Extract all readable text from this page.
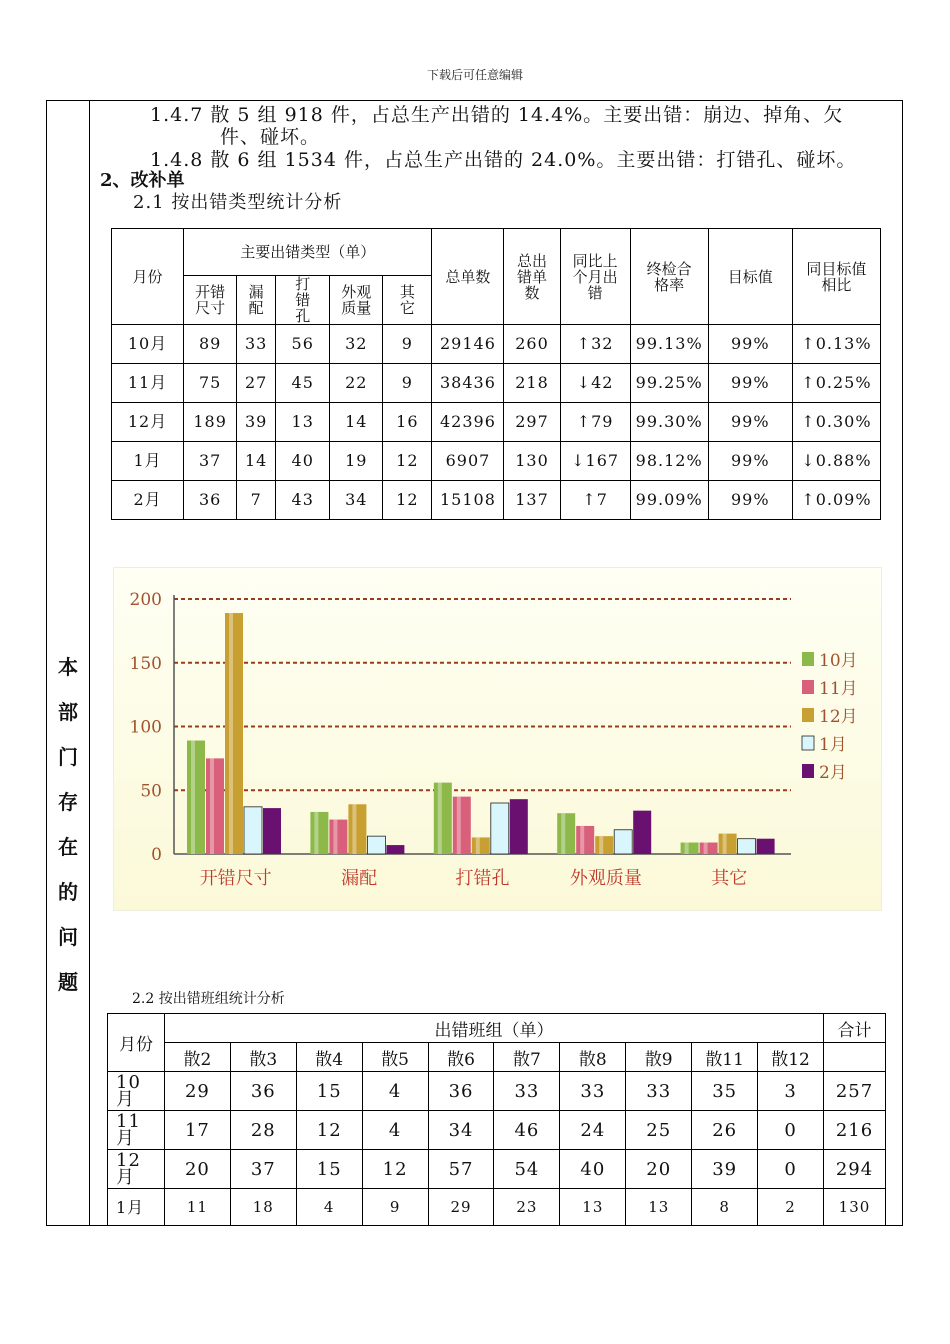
下载后可任意编辑
本
部
门
存
在
的
问
题
1.4.7 散 5 组 918 件，占总生产出错的 14.4%。主要出错：崩边、掉角、欠
件、碰坏。
1.4.8 散 6 组 1534 件，占总生产出错的 24.0%。主要出错：打错孔、碰坏。
2、改补单
2.1 按出错类型统计分析
月份	主要出错类型（单）					总单数	总出错单数	同比上个月出错	终检合格率	目标值	同目标值相比
	开错尺寸	漏配	打错孔	外观质量	其它						
10月	89	33	56	32	9	29146	260	↑32	99.13%	99%	↑0.13%
11月	75	27	45	22	9	38436	218	↓42	99.25%	99%	↑0.25%
12月	189	39	13	14	16	42396	297	↑79	99.30%	99%	↑0.30%
1月	37	14	40	19	12	6907	130	↓167	98.12%	99%	↓0.88%
2月	36	7	43	34	12	15108	137	↑7	99.09%	99%	↑0.09%
0
50
100
150
200
开错尺寸	漏配	打错孔	外观质量	其它
10月
11月
12月
1月
2月
2.2 按出错班组统计分析
月份	出错班组（单）										合计
	散2	散3	散4	散5	散6	散7	散8	散9	散11	散12	
10
月	29	36	15	4	36	33	33	33	35	3	257
11
月	17	28	12	4	34	46	24	25	26	0	216
12
月	20	37	15	12	57	54	40	20	39	0	294
1月	11	18	4	9	29	23	13	13	8	2	130
